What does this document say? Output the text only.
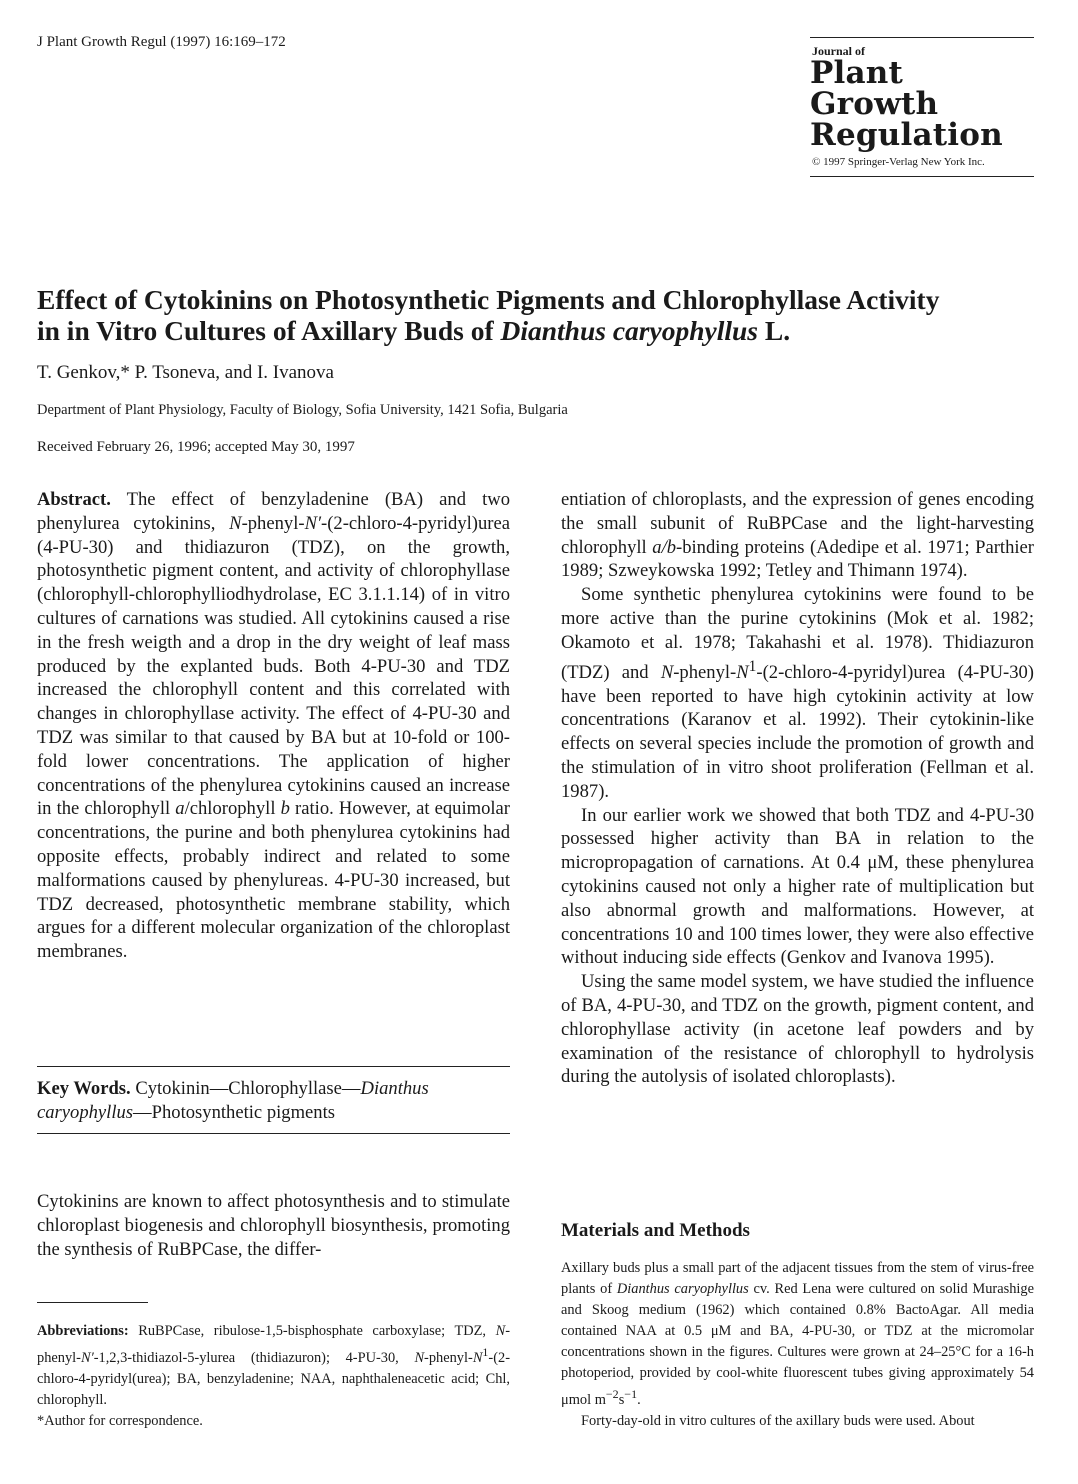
J Plant Growth Regul (1997) 16:169–172
Journal of
Plant
Growth
Regulation
© 1997 Springer-Verlag New York Inc.
Effect of Cytokinins on Photosynthetic Pigments and Chlorophyllase Activity
in in Vitro Cultures of Axillary Buds of Dianthus caryophyllus L.
T. Genkov,* P. Tsoneva, and I. Ivanova
Department of Plant Physiology, Faculty of Biology, Sofia University, 1421 Sofia, Bulgaria
Received February 26, 1996; accepted May 30, 1997

Abstract. The effect of benzyladenine (BA) and two phenylurea cytokinins, N-phenyl-N′-(2-chloro-4-pyridyl)urea (4-PU-30) and thidiazuron (TDZ), on the growth, photosynthetic pigment content, and activity of chlorophyllase (chlorophyll-chlorophylliodhydrolase, EC 3.1.1.14) of in vitro cultures of carnations was studied. All cytokinins caused a rise in the fresh weigth and a drop in the dry weight of leaf mass produced by the explanted buds. Both 4-PU-30 and TDZ increased the chlorophyll content and this correlated with changes in chlorophyllase activity. The effect of 4-PU-30 and TDZ was similar to that caused by BA but at 10-fold or 100-fold lower concentrations. The application of higher concentrations of the phenylurea cytokinins caused an increase in the chlorophyll a/chlorophyll b ratio. However, at equimolar concentrations, the purine and both phenylurea cytokinins had opposite effects, probably indirect and related to some malformations caused by phenylureas. 4-PU-30 increased, but TDZ decreased, photosynthetic membrane stability, which argues for a different molecular organization of the chloroplast membranes.

Key Words. Cytokinin—Chlorophyllase—Dianthus caryophyllus—Photosynthetic pigments

Cytokinins are known to affect photosynthesis and to stimulate chloroplast biogenesis and chlorophyll biosynthesis, promoting the synthesis of RuBPCase, the differ-

Abbreviations: RuBPCase, ribulose-1,5-bisphosphate carboxylase; TDZ, N-phenyl-N′-1,2,3-thidiazol-5-ylurea (thidiazuron); 4-PU-30, $N-phenyl-N^1-(2-chloro-4-pyridyl(urea)$; BA, benzyladenine; NAA, naphthaleneacetic acid; Chl, chlorophyll.

*Author for correspondence.

entiation of chloroplasts, and the expression of genes encoding the small subunit of RuBPCase and the light-harvesting chlorophyll a/b-binding proteins (Adedipe et al. 1971; Parthier 1989; Szweykowska 1992; Tetley and Thimann 1974).

Some synthetic phenylurea cytokinins were found to be more active than the purine cytokinins (Mok et al. 1982; Okamoto et al. 1978; Takahashi et al. 1978). Thidiazuron (TDZ) and $N-phenyl-N^1-(2-chloro-4-pyridyl)urea$ (4-PU-30) have been reported to have high cytokinin activity at low concentrations (Karanov et al. 1992). Their cytokinin-like effects on several species include the promotion of growth and the stimulation of in vitro shoot proliferation (Fellman et al. 1987).

In our earlier work we showed that both TDZ and 4-PU-30 possessed higher activity than BA in relation to the micropropagation of carnations. At 0.4 μM, these phenylurea cytokinins caused not only a higher rate of multiplication but also abnormal growth and malformations. However, at concentrations 10 and 100 times lower, they were also effective without inducing side effects (Genkov and Ivanova 1995).

Using the same model system, we have studied the influence of BA, 4-PU-30, and TDZ on the growth, pigment content, and chlorophyllase activity (in acetone leaf powders and by examination of the resistance of chlorophyll to hydrolysis during the autolysis of isolated chloroplasts).

Materials and Methods

Axillary buds plus a small part of the adjacent tissues from the stem of virus-free plants of Dianthus caryophyllus cv. Red Lena were cultured on solid Murashige and Skoog medium (1962) which contained 0.8% BactoAgar. All media contained NAA at 0.5 μM and BA, 4-PU-30, or TDZ at the micromolar concentrations shown in the figures. Cultures were grown at 24–25°C for a 16-h photoperiod, provided by cool-white fluorescent tubes giving approximately 54 μmol $m^{-2}s^{-1}$.

Forty-day-old in vitro cultures of the axillary buds were used. About
